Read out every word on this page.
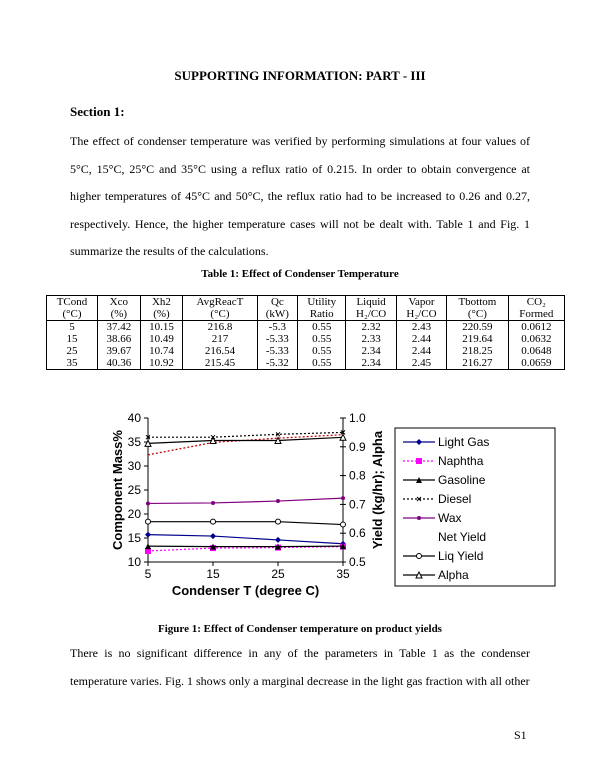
SUPPORTING INFORMATION: PART - III
Section 1:
The effect of condenser temperature was verified by performing simulations at four values of 5°C, 15°C, 25°C and 35°C using a reflux ratio of 0.215. In order to obtain convergence at higher temperatures of 45°C and 50°C, the reflux ratio had to be increased to 0.26 and 0.27, respectively. Hence, the higher temperature cases will not be dealt with. Table 1 and Fig. 1 summarize the results of the calculations.
Table 1: Effect of Condenser Temperature
TCond	Xco	Xh2	AvgReacT	Qc	Utility	Liquid	Vapor	Tbottom	CO₂
(°C)	(%)	(%)	(°C)	(kW)	Ratio	H₂/CO	H₂/CO	(°C)	Formed
5	37.42	10.15	216.8	-5.3	0.55	2.32	2.43	220.59	0.0612
15	38.66	10.49	217	-5.33	0.55	2.33	2.44	219.64	0.0632
25	39.67	10.74	216.54	-5.33	0.55	2.34	2.44	218.25	0.0648
35	40.36	10.92	215.45	-5.32	0.55	2.34	2.45	216.27	0.0659
10
15
20
25
30
35
40
0.5
0.6
0.7
0.8
0.9
1.0
5	15	25	35
Condenser T (degree C)
Component Mass%	Yield (kg/hr); Alpha	Light Gas
Naphtha
Gasoline
Diesel
Wax
Net Yield
Liq Yield
Alpha
Figure 1: Effect of Condenser temperature on product yields
There is no significant difference in any of the parameters in Table 1 as the condenser temperature varies. Fig. 1 shows only a marginal decrease in the light gas fraction with all other
S1
